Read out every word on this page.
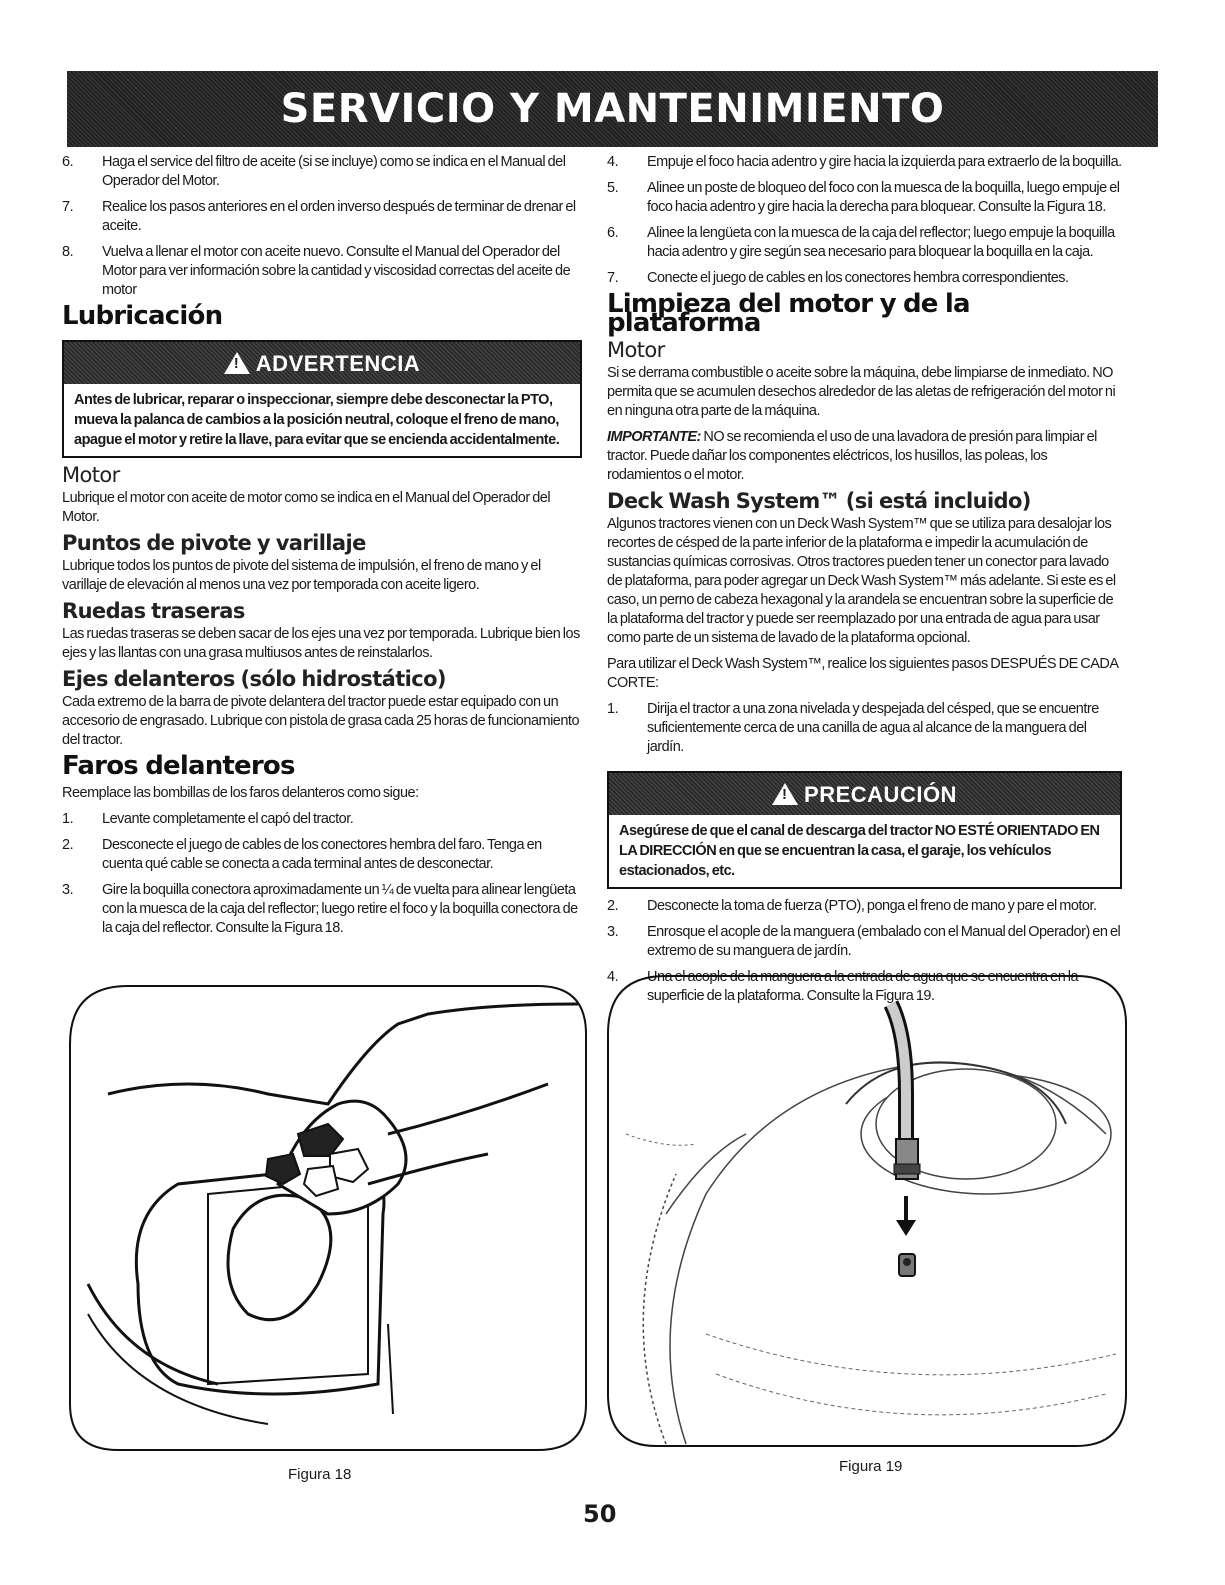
SERVICIO Y MANTENIMIENTO
6.	Haga el service del filtro de aceite (si se incluye) como se indica en el Manual del Operador del Motor.
7.	Realice los pasos anteriores en el orden inverso después de terminar de drenar el aceite.
8.	Vuelva a llenar el motor con aceite nuevo. Consulte el Manual del Operador del Motor para ver información sobre la cantidad y viscosidad correctas del aceite de motor
Lubricación
! ADVERTENCIA
Antes de lubricar, reparar o inspeccionar, siempre debe desconectar la PTO, mueva la palanca de cambios a la posición neutral, coloque el freno de mano, apague el motor y retire la llave, para evitar que se encienda accidentalmente.
Motor

Lubrique el motor con aceite de motor como se indica en el Manual del Operador del Motor.

Puntos de pivote y varillaje

Lubrique todos los puntos de pivote del sistema de impulsión, el freno de mano y el varillaje de elevación al menos una vez por temporada con aceite ligero.

Ruedas traseras

Las ruedas traseras se deben sacar de los ejes una vez por temporada. Lubrique bien los ejes y las llantas con una grasa multiusos antes de reinstalarlos.

Ejes delanteros (sólo hidrostático)

Cada extremo de la barra de pivote delantera del tractor puede estar equipado con un accesorio de engrasado. Lubrique con pistola de grasa cada 25 horas de funcionamiento del tractor.

Faros delanteros

Reemplace las bombillas de los faros delanteros como sigue:

1.	Levante completamente el capó del tractor.
2.	Desconecte el juego de cables de los conectores hembra del faro. Tenga en cuenta qué cable se conecta a cada terminal antes de desconectar.
3.	Gire la boquilla conectora aproximadamente un ¼ de vuelta para alinear lengüeta con la muesca de la caja del reflector; luego retire el foco y la boquilla conectora de la caja del reflector. Consulte la Figura 18.
4.	Empuje el foco hacia adentro y gire hacia la izquierda para extraerlo de la boquilla.
5.	Alinee un poste de bloqueo del foco con la muesca de la boquilla, luego empuje el foco hacia adentro y gire hacia la derecha para bloquear. Consulte la Figura 18.
6.	Alinee la lengüeta con la muesca de la caja del reflector; luego empuje la boquilla hacia adentro y gire según sea necesario para bloquear la boquilla en la caja.
7.	Conecte el juego de cables en los conectores hembra correspondientes.
Limpieza del motor y de la plataforma
Motor

Si se derrama combustible o aceite sobre la máquina, debe limpiarse de inmediato. NO permita que se acumulen desechos alrededor de las aletas de refrigeración del motor ni en ninguna otra parte de la máquina.

IMPORTANTE: NO se recomienda el uso de una lavadora de presión para limpiar el tractor. Puede dañar los componentes eléctricos, los husillos, las poleas, los rodamientos o el motor.

Deck Wash System™ (si está incluido)

Algunos tractores vienen con un Deck Wash System™ que se utiliza para desalojar los recortes de césped de la parte inferior de la plataforma e impedir la acumulación de sustancias químicas corrosivas. Otros tractores pueden tener un conector para lavado de plataforma, para poder agregar un Deck Wash System™ más adelante. Si este es el caso, un perno de cabeza hexagonal y la arandela se encuentran sobre la superficie de la plataforma del tractor y puede ser reemplazado por una entrada de agua para usar como parte de un sistema de lavado de la plataforma opcional.

Para utilizar el Deck Wash System™, realice los siguientes pasos DESPUÉS DE CADA CORTE:

1.	Dirija el tractor a una zona nivelada y despejada del césped, que se encuentre suficientemente cerca de una canilla de agua al alcance de la manguera del jardín.
! PRECAUCIÓN
Asegúrese de que el canal de descarga del tractor NO ESTÉ ORIENTADO EN LA DIRECCIÓN en que se encuentran la casa, el garaje, los vehículos estacionados, etc.
2.	Desconecte la toma de fuerza (PTO), ponga el freno de mano y pare el motor.
3.	Enrosque el acople de la manguera (embalado con el Manual del Operador) en el extremo de su manguera de jardín.
4.	Una el acople de la manguera a la entrada de agua que se encuentra en la superficie de la plataforma. Consulte la Figura 19.
Figura 18	Figura 19
50
